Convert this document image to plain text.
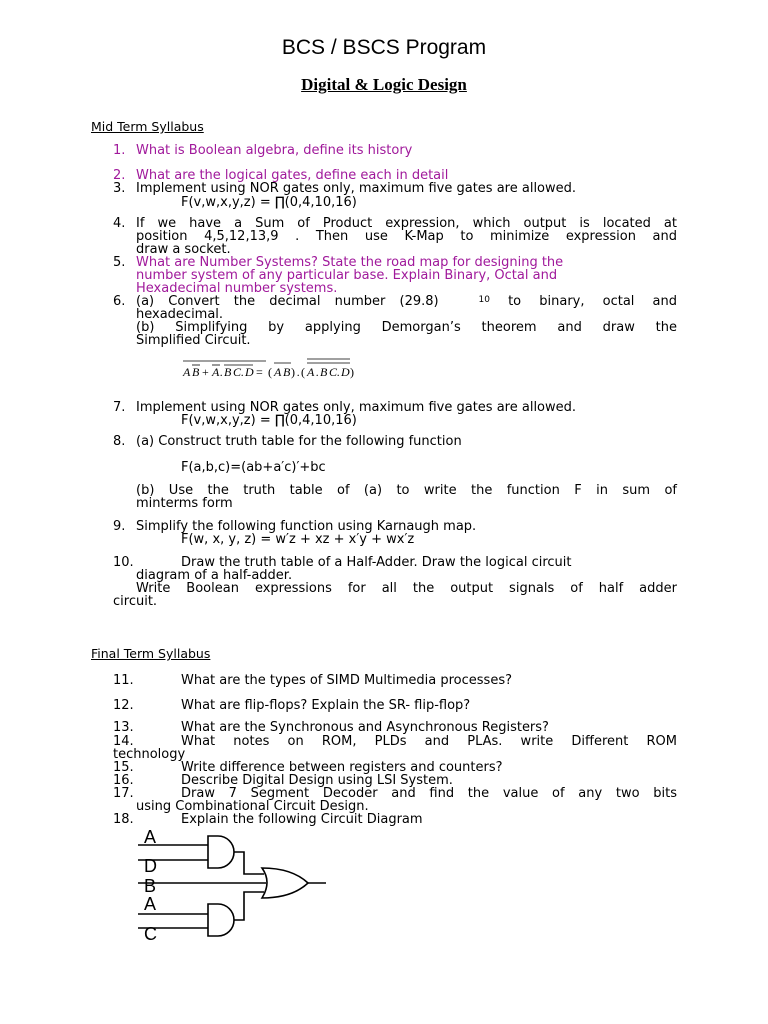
BCS / BSCS Program
Digital & Logic Design
Mid Term Syllabus
1. What is Boolean algebra, define its history
2. What are the logical gates, define each in detail
3. Implement using NOR gates only, maximum five gates are allowed.
F(v,w,x,y,z) = ∏(0,4,10,16)
4. If we have a Sum of Product expression, which output is located at
position 4,5,12,13,9 . Then use K-Map to minimize expression and
draw a socket.
5. What are Number Systems? State the road map for designing the
number system of any particular base. Explain Binary, Octal and
Hexadecimal number systems.
6. (a) Convert the decimal number (29.8)	$_{10}$ to binary, octal and
hexadecimal.
(b) Simplifying by applying Demorgan’s theorem and draw the
Simplified Circuit.
A B + A . B C . D = ( A B ) . ( A . B C . D )
7. Implement using NOR gates only, maximum five gates are allowed.
F(v,w,x,y,z) = ∏(0,4,10,16)
8. (a) Construct truth table for the following function
F(a,b,c)=(ab+a′c)′+bc
(b) Use the truth table of (a) to write the function F in sum of
minterms form
9. Simplify the following function using Karnaugh map.
F(w, x, y, z) = w′z + xz + x′y + wx′z
10.	Draw the truth table of a Half-Adder. Draw the logical circuit
diagram of a half-adder.
Write Boolean expressions for all the output signals of half adder
circuit.
Final Term Syllabus
11.	What are the types of SIMD Multimedia processes?
12.	What are flip-flops? Explain the SR- flip-flop?
13.	What are the Synchronous and Asynchronous Registers?
14.	What notes on ROM, PLDs and PLAs. write Different ROM
technology
15.	Write difference between registers and counters?
16.	Describe Digital Design using LSI System.
17.	Draw 7 Segment Decoder and find the value of any two bits
using Combinational Circuit Design.
18.	Explain the following Circuit Diagram
A
D
B
A
C
